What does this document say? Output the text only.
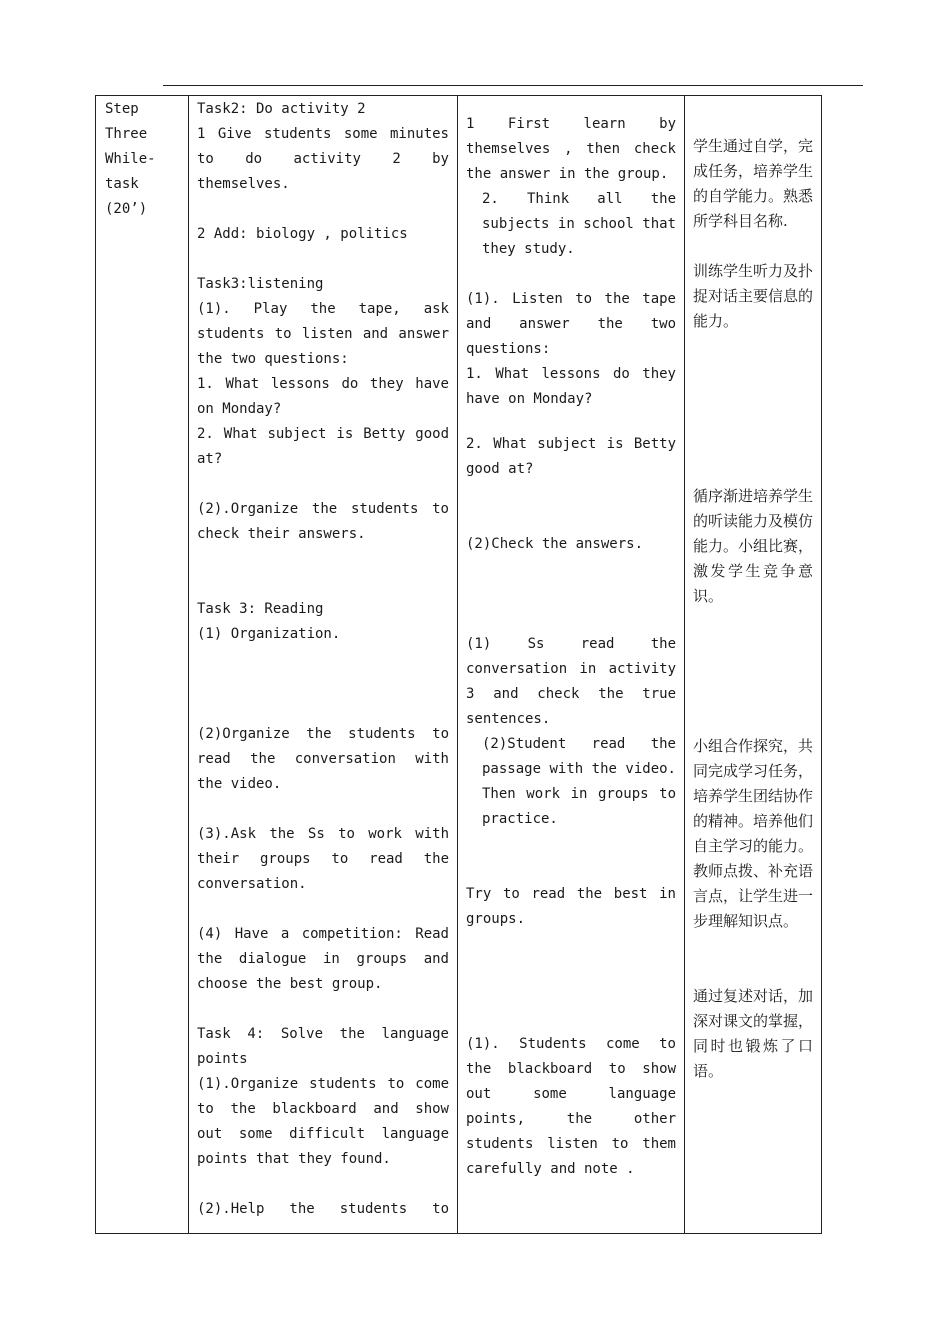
Step
Three
While-
task
(20’)

Task2: Do activity 2
1 Give students some minutes to do activity 2 by themselves.
2 Add: biology , politics
Task3:listening
(1). Play the tape, ask students to listen and answer the two questions:
1. What lessons do they have on Monday?
2. What subject is Betty good at?
(2).Organize the students to check their answers.
Task 3: Reading
(1) Organization.
(2)Organize the students to read the conversation with the video.
(3).Ask the Ss to work with their groups to read the conversation.
(4) Have a competition: Read the dialogue in groups and choose the best group.
Task 4: Solve the language points
(1).Organize students to come to the blackboard and show out some difficult language points that they found.
(2).Help the students to

1 First learn by themselves , then check the answer in the group.
2. Think all the subjects in school that they study.
(1). Listen to the tape and answer the two questions:
1. What lessons do they have on Monday?
2. What subject is Betty good at?
(2)Check the answers.
(1) Ss read the conversation in activity 3 and check the true sentences.
(2)Student read the passage with the video. Then work in groups to practice.
Try to read the best in groups.
(1). Students come to the blackboard to show out some language points, the other students listen to them carefully and note .

学生通过自学，完成任务，培养学生的自学能力。熟悉所学科目名称.
训练学生听力及扑捉对话主要信息的能力。
循序渐进培养学生的听读能力及模仿能力。小组比赛，激发学生竞争意识。
小组合作探究，共同完成学习任务，培养学生团结协作的精神。培养他们自主学习的能力。教师点拨、补充语言点，让学生进一步理解知识点。
通过复述对话，加深对课文的掌握，同时也锻炼了口语。
